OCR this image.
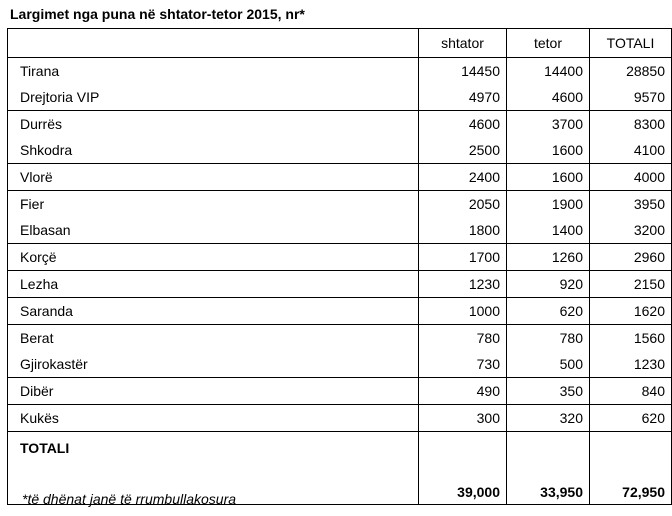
Largimet nga puna në shtator-tetor 2015, nr*
	shtator	tetor	TOTALI
Tirana	14450	14400	28850
Drejtoria VIP	4970	4600	9570
Durrës	4600	3700	8300
Shkodra	2500	1600	4100
Vlorë	2400	1600	4000
Fier	2050	1900	3950
Elbasan	1800	1400	3200
Korçë	1700	1260	2960
Lezha	1230	920	2150
Saranda	1000	620	1620
Berat	780	780	1560
Gjirokastër	730	500	1230
Dibër	490	350	840
Kukës	300	320	620
TOTALI	39,000	33,950	72,950
*të dhënat janë të rrumbullakosura
